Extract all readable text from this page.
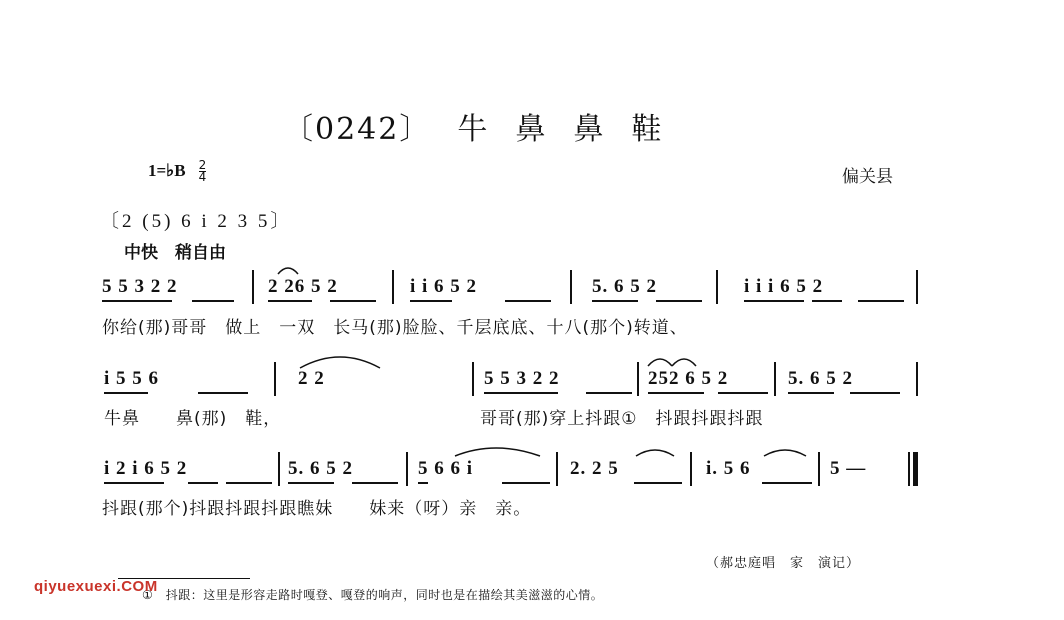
〔0242〕 牛 鼻 鼻 鞋
1=♭B $\frac{2}{4}$	偏关县
〔2 (5) 6 i 2 3 5〕
中快　稍自由
5 5 3 2 2	2 26 5 2	i i 6 5 2	5. 6 5 2	i i i 6 5 2
你给(那)哥哥　做上　一双　长马(那)脸脸、千层底底、十八(那个)转道、
i 5 5 6	2 2	5 5 3 2 2	252 6 5 2	5. 6 5 2
牛鼻　　鼻(那)　鞋，	哥哥(那)穿上抖跟①　抖跟抖跟抖跟
i 2 i 6 5 2	5. 6 5 2	5 6 6 i	2. 2 5	i. 5 6	5 —
抖跟(那个)抖跟抖跟抖跟瞧妹　　妹来（呀）亲　亲。
（郝忠庭唱　家　演记）
①　抖跟：这里是形容走路时嘎登、嘎登的响声，同时也是在描绘其美滋滋的心情。
qiyuexuexi.COM
